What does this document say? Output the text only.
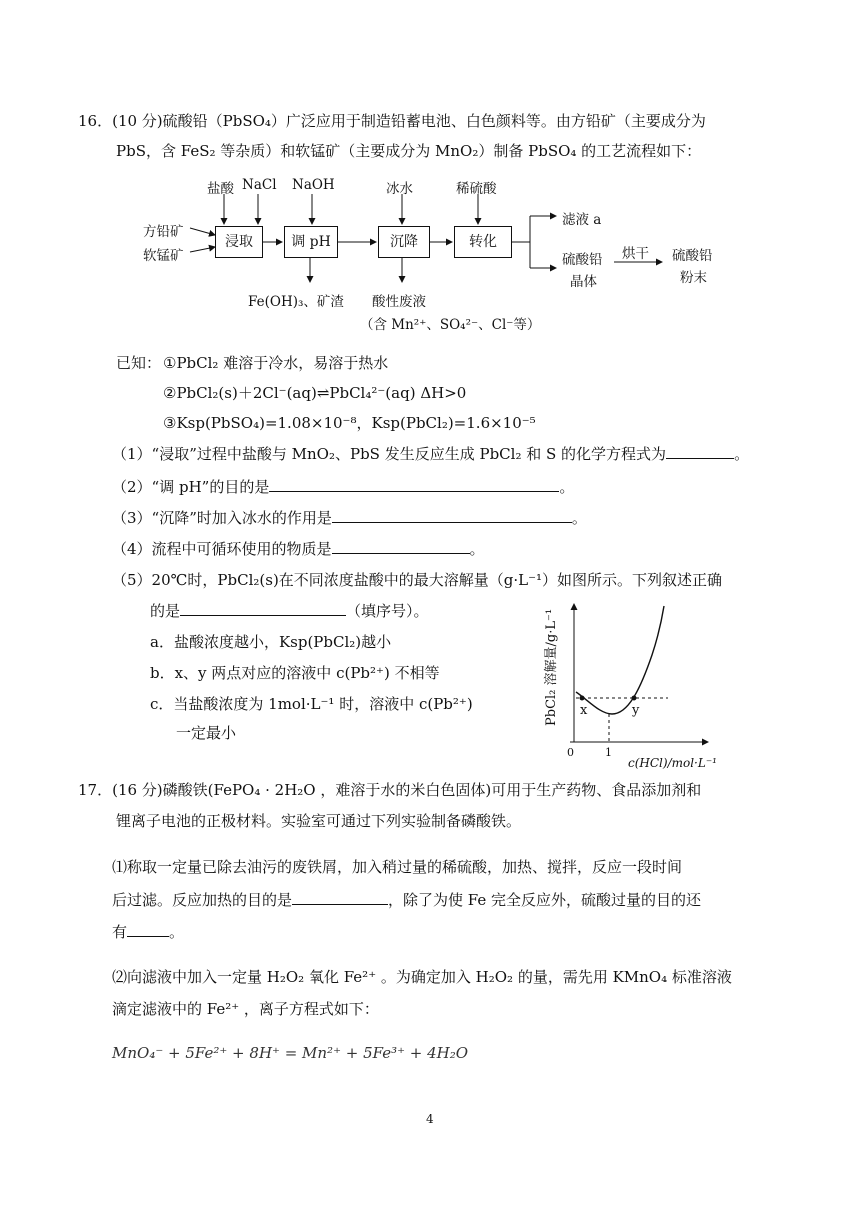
16．(10 分)硫酸铅（PbSO₄）广泛应用于制造铅蓄电池、白色颜料等。由方铅矿（主要成分为
PbS，含 FeS₂ 等杂质）和软锰矿（主要成分为 MnO₂）制备 PbSO₄ 的工艺流程如下：
方铅矿
软锰矿
盐酸 NaCl NaOH	冰水	稀硫酸
浸取	调 pH	沉降	转化
Fe(OH)₃、矿渣 酸性废液
（含 Mn²⁺、SO₄²⁻、Cl⁻等）
滤液 a
硫酸铅
晶体
烘干 硫酸铅
粉末
已知： ①PbCl₂ 难溶于冷水，易溶于热水
②PbCl₂(s)＋2Cl⁻(aq)⇌PbCl₄²⁻(aq) ΔH>0
③Ksp(PbSO₄)=1.08×10⁻⁸，Ksp(PbCl₂)=1.6×10⁻⁵
（1）“浸取”过程中盐酸与 MnO₂、PbS 发生反应生成 PbCl₂ 和 S 的化学方程式为	。
（2）“调 pH”的目的是	。
（3）“沉降”时加入冰水的作用是	。
（4）流程中可循环使用的物质是	。
（5）20℃时，PbCl₂(s)在不同浓度盐酸中的最大溶解量（g·L⁻¹）如图所示。下列叙述正确
的是	（填序号）。
a．盐酸浓度越小，Ksp(PbCl₂)越小
b．x、y 两点对应的溶液中 c(Pb²⁺) 不相等
c．当盐酸浓度为 1mol·L⁻¹ 时，溶液中 c(Pb²⁺)
一定最小
PbCl₂ 溶解量/g·L⁻¹
c(HCl)/mol·L⁻¹
0	1
x	y
17．(16 分)磷酸铁(FePO₄ · 2H₂O ，难溶于水的米白色固体)可用于生产药物、食品添加剂和
锂离子电池的正极材料。实验室可通过下列实验制备磷酸铁。
⑴称取一定量已除去油污的废铁屑，加入稍过量的稀硫酸，加热、搅拌，反应一段时间
后过滤。反应加热的目的是	，除了为使 Fe 完全反应外，硫酸过量的目的还
有	。
⑵向滤液中加入一定量 H₂O₂ 氧化 Fe²⁺ 。为确定加入 H₂O₂ 的量，需先用 KMnO₄ 标准溶液
滴定滤液中的 Fe²⁺ ，离子方程式如下：
MnO₄⁻ + 5Fe²⁺ + 8H⁺ = Mn²⁺ + 5Fe³⁺ + 4H₂O
4
